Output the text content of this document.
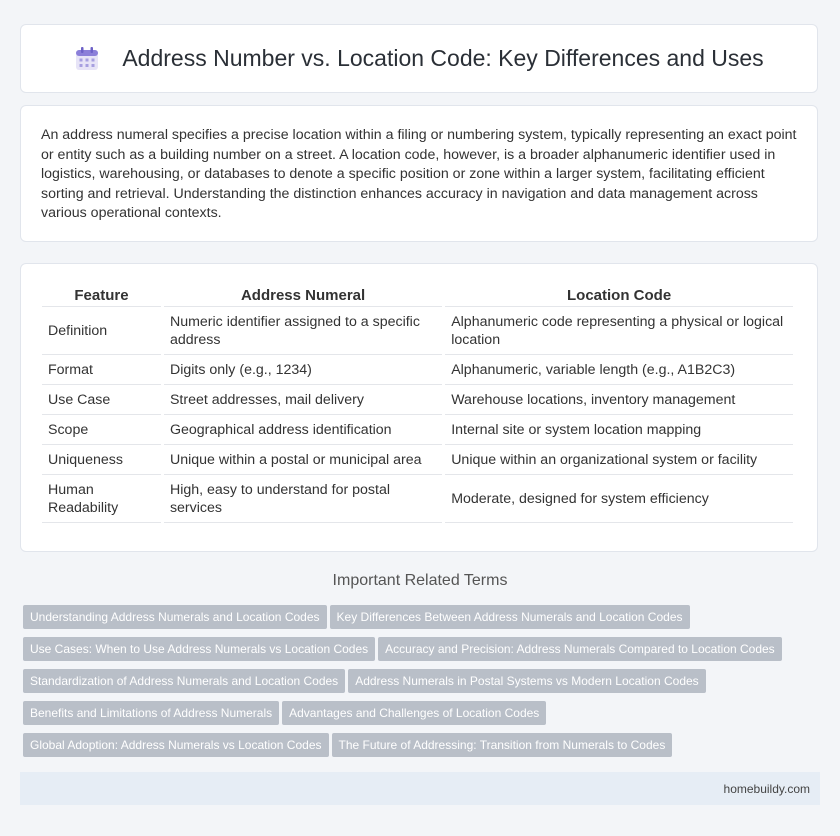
Address Number vs. Location Code: Key Differences and Uses

An address numeral specifies a precise location within a filing or numbering system, typically representing an exact point or entity such as a building number on a street. A location code, however, is a broader alphanumeric identifier used in logistics, warehousing, or databases to denote a specific position or zone within a larger system, facilitating efficient sorting and retrieval. Understanding the distinction enhances accuracy in navigation and data management across various operational contexts.

Feature	Address Numeral	Location Code
Definition	Numeric identifier assigned to a specific address	Alphanumeric code representing a physical or logical location
Format	Digits only (e.g., 1234)	Alphanumeric, variable length (e.g., A1B2C3)
Use Case	Street addresses, mail delivery	Warehouse locations, inventory management
Scope	Geographical address identification	Internal site or system location mapping
Uniqueness	Unique within a postal or municipal area	Unique within an organizational system or facility
Human Readability	High, easy to understand for postal services	Moderate, designed for system efficiency
Important Related Terms
Understanding Address Numerals and Location Codes Key Differences Between Address Numerals and Location CodesUse Cases: When to Use Address Numerals vs Location Codes Accuracy and Precision: Address Numerals Compared to Location CodesStandardization of Address Numerals and Location Codes Address Numerals in Postal Systems vs Modern Location CodesBenefits and Limitations of Address Numerals Advantages and Challenges of Location CodesGlobal Adoption: Address Numerals vs Location Codes The Future of Addressing: Transition from Numerals to Codes
homebuildy.com
